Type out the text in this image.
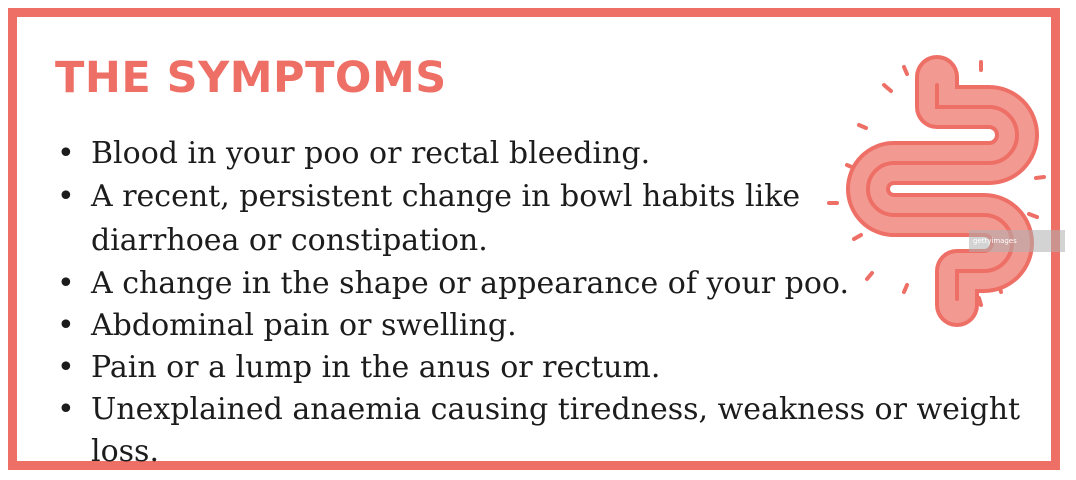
THE SYMPTOMS
• Blood in your poo or rectal bleeding.
• A recent, persistent change in bowl habits like
diarrhoea or constipation.
• A change in the shape or appearance of your poo.
• Abdominal pain or swelling.
• Pain or a lump in the anus or rectum.
• Unexplained anaemia causing tiredness, weakness or weight loss.
gettyimages
